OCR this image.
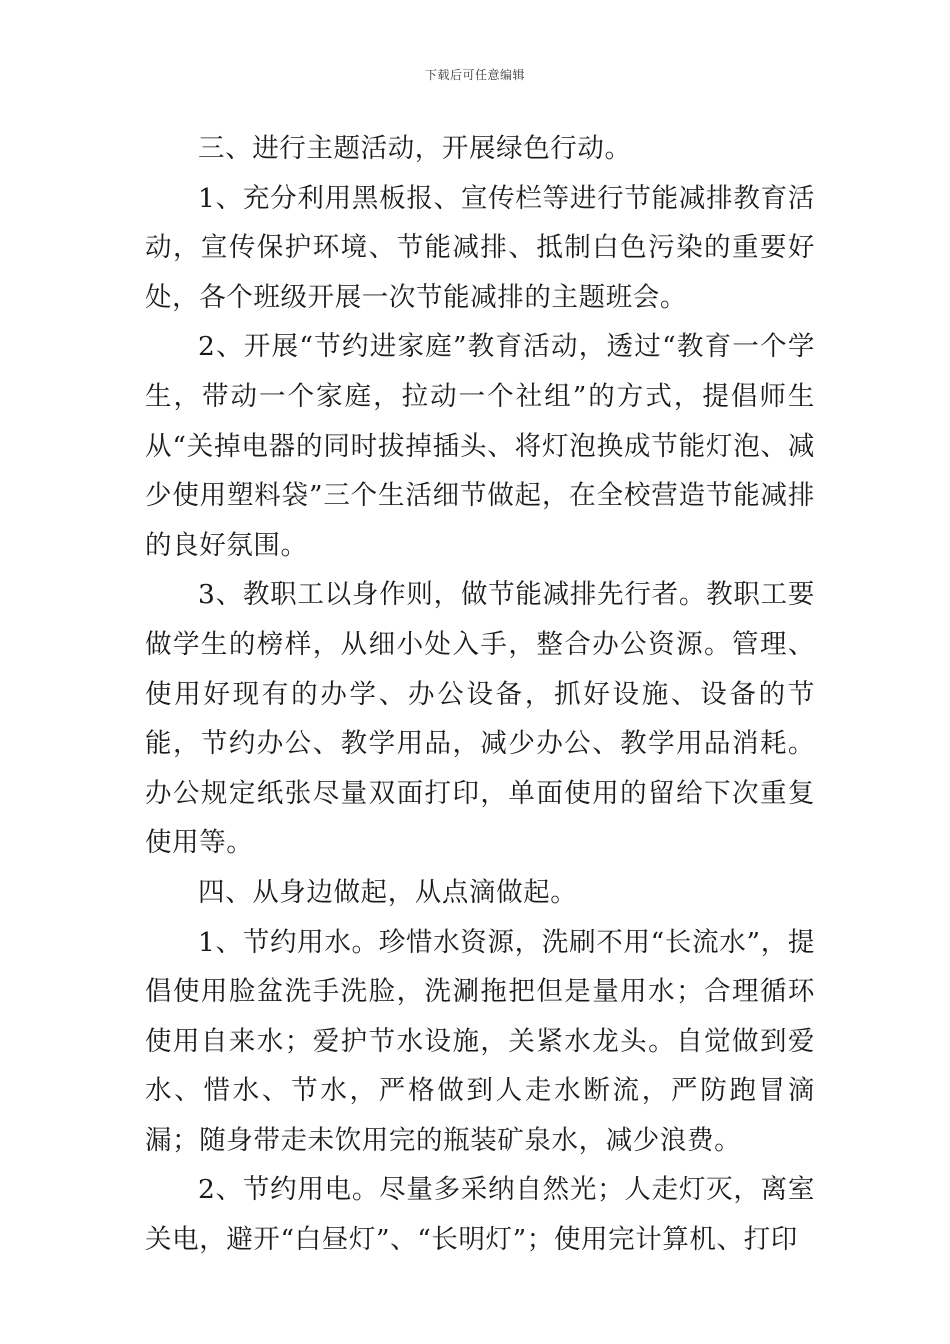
下载后可任意编辑

三、进行主题活动，开展绿色行动。

1、充分利用黑板报、宣传栏等进行节能减排教育活动，宣传保护环境、节能减排、抵制白色污染的重要好处，各个班级开展一次节能减排的主题班会。

2、开展“节约进家庭”教育活动，透过“教育一个学生，带动一个家庭，拉动一个社组”的方式，提倡师生从“关掉电器的同时拔掉插头、将灯泡换成节能灯泡、减少使用塑料袋”三个生活细节做起，在全校营造节能减排的良好氛围。

3、教职工以身作则，做节能减排先行者。教职工要做学生的榜样，从细小处入手，整合办公资源。管理、使用好现有的办学、办公设备，抓好设施、设备的节能，节约办公、教学用品，减少办公、教学用品消耗。办公规定纸张尽量双面打印，单面使用的留给下次重复使用等。

四、从身边做起，从点滴做起。

1、节约用水。珍惜水资源，洗刷不用“长流水”，提倡使用脸盆洗手洗脸，洗涮拖把但是量用水；合理循环使用自来水；爱护节水设施，关紧水龙头。自觉做到爱水、惜水、节水，严格做到人走水断流，严防跑冒滴漏；随身带走未饮用完的瓶装矿泉水，减少浪费。

2、节约用电。尽量多采纳自然光；人走灯灭，离室关电，避开“白昼灯”、“长明灯”；使用完计算机、打印
